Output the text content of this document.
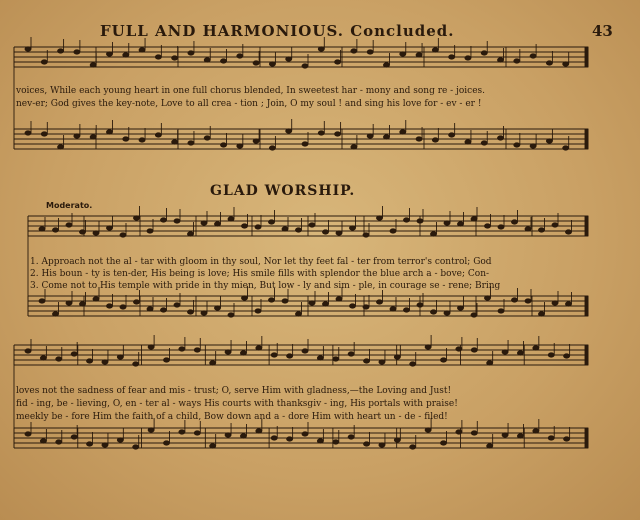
FULL AND HARMONIOUS. Concluded.	43
voices, While each young heart in one full chorus blended, In sweetest har - mony and song re - joices.
nev-er; God gives the key-note, Love to all crea - tion ; Join, O my soul ! and sing his love for - ev - er !
GLAD WORSHIP.
Moderato.
1. Approach not the al - tar with gloom in thy soul, Nor let thy feet fal - ter from terror's control; God
2. His boun - ty is ten-der, His being is love; His smile fills with splendor the blue arch a - bove; Con-
3. Come not to His temple with pride in thy mien, But low - ly and sim - ple, in courage se - rene; Bring
loves not the sadness of fear and mis - trust; O, serve Him with gladness,—the Loving and Just!
fid - ing, be - lieving, O, en - ter al - ways His courts with thanksgiv - ing, His portals with praise!
meekly be - fore Him the faith of a child, Bow down and a - dore Him with heart un - de - filed!
